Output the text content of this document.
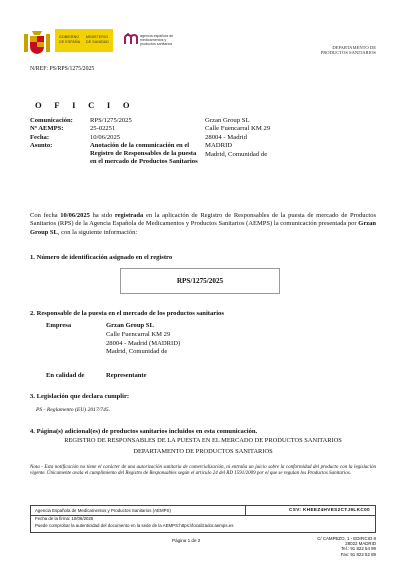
GOBIERNO
DE ESPAÑA
MINISTERIO
DE SANIDAD
agencia española de
medicamentos y
productos sanitarios
DEPARTAMENTO DE
PRODUCTOS SANITARIOS
N/REF: PS/RPS/1275/2025
OFICIO
Comunicación:	RPS/1275/2025
Nº AEMPS:	25-02251
Fecha:	10/06/2025
Asunto:	Anotación de la comunicación en el Registro de Responsables de la puesta en el mercado de Productos Sanitarios
Grzan Group SL
Calle Fuencarral KM 29
28004 - Madrid
MADRID
Madrid, Comunidad de
Con fecha 10/06/2025 ha sido registrada en la aplicación de Registro de Responsables de la puesta de mercado de Productos Sanitarios (RPS) de la Agencia Española de Medicamentos y Productos Sanitarios (AEMPS) la comunicación presentada por Grzan Group SL, con la siguiente información:
1. Número de identificación asignado en el registro
RPS/1275/2025
2. Responsable de la puesta en el mercado de los productos sanitarios
Empresa	Grzan Group SL
Calle Fuencarral KM 29
28004 - Madrid (MADRID)
Madrid, Comunidad de
En calidad de	Representante
3. Legislación que declara cumplir:
PS - Reglamento (EU) 2017/745.
4. Página(s) adicional(es) de productos sanitarios incluidos en esta comunicación.
REGISTRO DE RESPONSABLES DE LA PUESTA EN EL MERCADO DE PRODUCTOS SANITARIOS
DEPARTAMENTO DE PRODUCTOS SANITARIOS
Nota - Esta notificación no tiene el carácter de una autorización sanitaria de comercialización, ni entraña un juicio sobre la conformidad del producto con la legislación vigente. Únicamente avala el cumplimiento del Registro de Responsables según el artículo 24 del RD 1591/2009 por el que se regulan los Productos Sanitarios.
Agencia Española de Medicamentos y Productos Sanitarios (AEMPS)
Fecha de la firma: 10/06/2025
Puede comprobar la autenticidad del documento en la sede de la AEMPS:https://localizador.aemps.es
CSV: KHEEZ4HVES2CTJ9LKC00
Página 1 de 2	C/ CAMPEZO, 1 - EDIFICIO 8
28022 MADRID
Tel.: 91 822 54 99
Fax: 91 822 52 89
